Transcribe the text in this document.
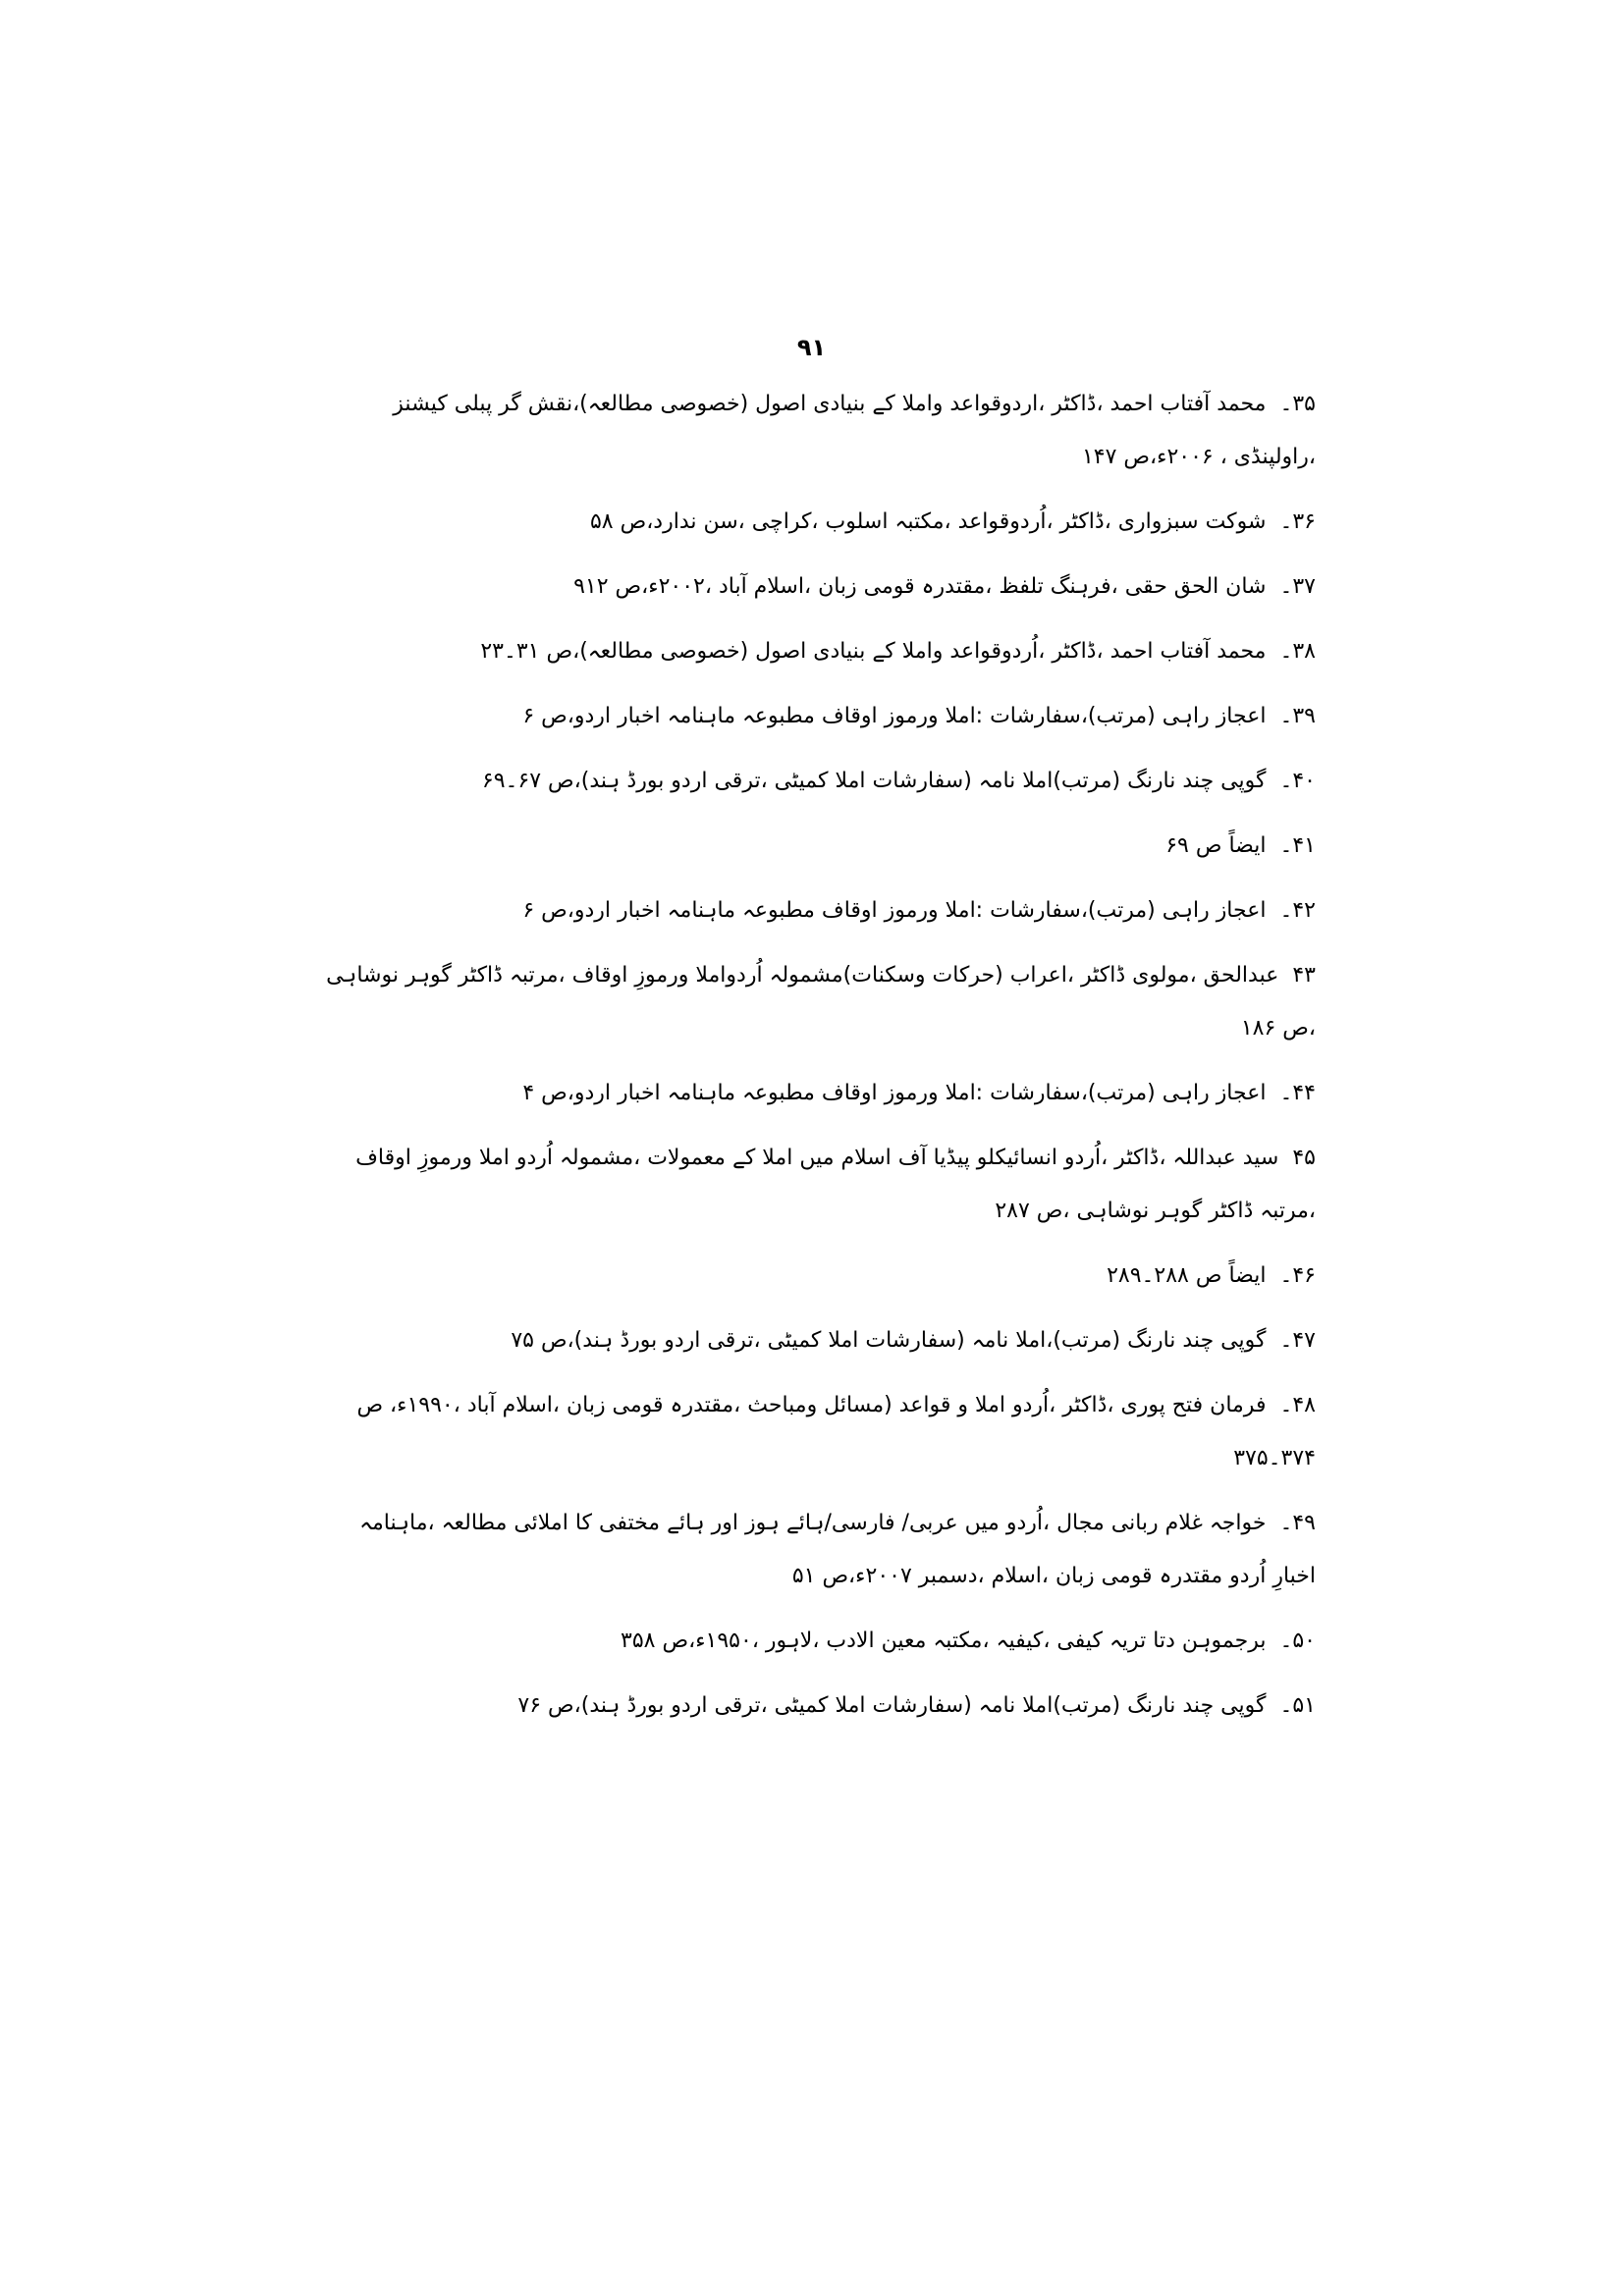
۹۱
۳۵۔محمد آفتاب احمد ،ڈاکٹر ،اردوقواعد واملا کے بنیادی اصول (خصوصی مطالعہ)،نقش گر پبلی کیشنز ،راولپنڈی ، ۲۰۰۶ء،ص ۱۴۷
۳۶۔شوکت سبزواری ،ڈاکٹر ،اُردوقواعد ،مکتبہ اسلوب ،کراچی ،سن ندارد،ص ۵۸
۳۷۔شان الحق حقی ،فرہنگ تلفظ ،مقتدرہ قومی زبان ،اسلام آباد ،۲۰۰۲ء،ص ۹۱۲
۳۸۔محمد آفتاب احمد ،ڈاکٹر ،اُردوقواعد واملا کے بنیادی اصول (خصوصی مطالعہ)،ص ۳۱۔۲۳
۳۹۔اعجاز راہی (مرتب)،سفارشات :املا ورموز اوقاف مطبوعہ ماہنامہ اخبار اردو،ص ۶
۴۰۔گوپی چند نارنگ (مرتب)املا نامہ (سفارشات املا کمیٹی ،ترقی اردو بورڈ ہند)،ص ۶۷۔۶۹
۴۱۔ایضاً ص ۶۹
۴۲۔اعجاز راہی (مرتب)،سفارشات :املا ورموز اوقاف مطبوعہ ماہنامہ اخبار اردو،ص ۶
۴۳عبدالحق ،مولوی ڈاکٹر ،اعراب (حرکات وسکنات)مشمولہ اُردواملا ورموزِ اوقاف ،مرتبہ ڈاکٹر گوہر نوشاہی ،ص ۱۸۶
۴۴۔اعجاز راہی (مرتب)،سفارشات :املا ورموز اوقاف مطبوعہ ماہنامہ اخبار اردو،ص ۴
۴۵سید عبداللہ ،ڈاکٹر ،اُردو انسائیکلو پیڈیا آف اسلام میں املا کے معمولات ،مشمولہ اُردو املا ورموزِ اوقاف ،مرتبہ ڈاکٹر گوہر نوشاہی ،ص ۲۸۷
۴۶۔ایضاً ص ۲۸۸۔۲۸۹
۴۷۔گوپی چند نارنگ (مرتب)،املا نامہ (سفارشات املا کمیٹی ،ترقی اردو بورڈ ہند)،ص ۷۵
۴۸۔فرمان فتح پوری ،ڈاکٹر ،اُردو املا و قواعد (مسائل ومباحث ،مقتدرہ قومی زبان ،اسلام آباد ،۱۹۹۰ء، ص ۳۷۴۔۳۷۵
۴۹۔خواجہ غلام ربانی مجال ،اُردو میں عربی/ فارسی/ہائے ہوز اور ہائے مختفی کا املائی مطالعہ ،ماہنامہ اخبارِ اُردو مقتدرہ قومی زبان ،اسلام ،دسمبر ۲۰۰۷ء،ص ۵۱
۵۰۔برجموہن دتا تریہ کیفی ،کیفیہ ،مکتبہ معین الادب ،لاہور ،۱۹۵۰ء،ص ۳۵۸
۵۱۔گوپی چند نارنگ (مرتب)املا نامہ (سفارشات املا کمیٹی ،ترقی اردو بورڈ ہند)،ص ۷۶
